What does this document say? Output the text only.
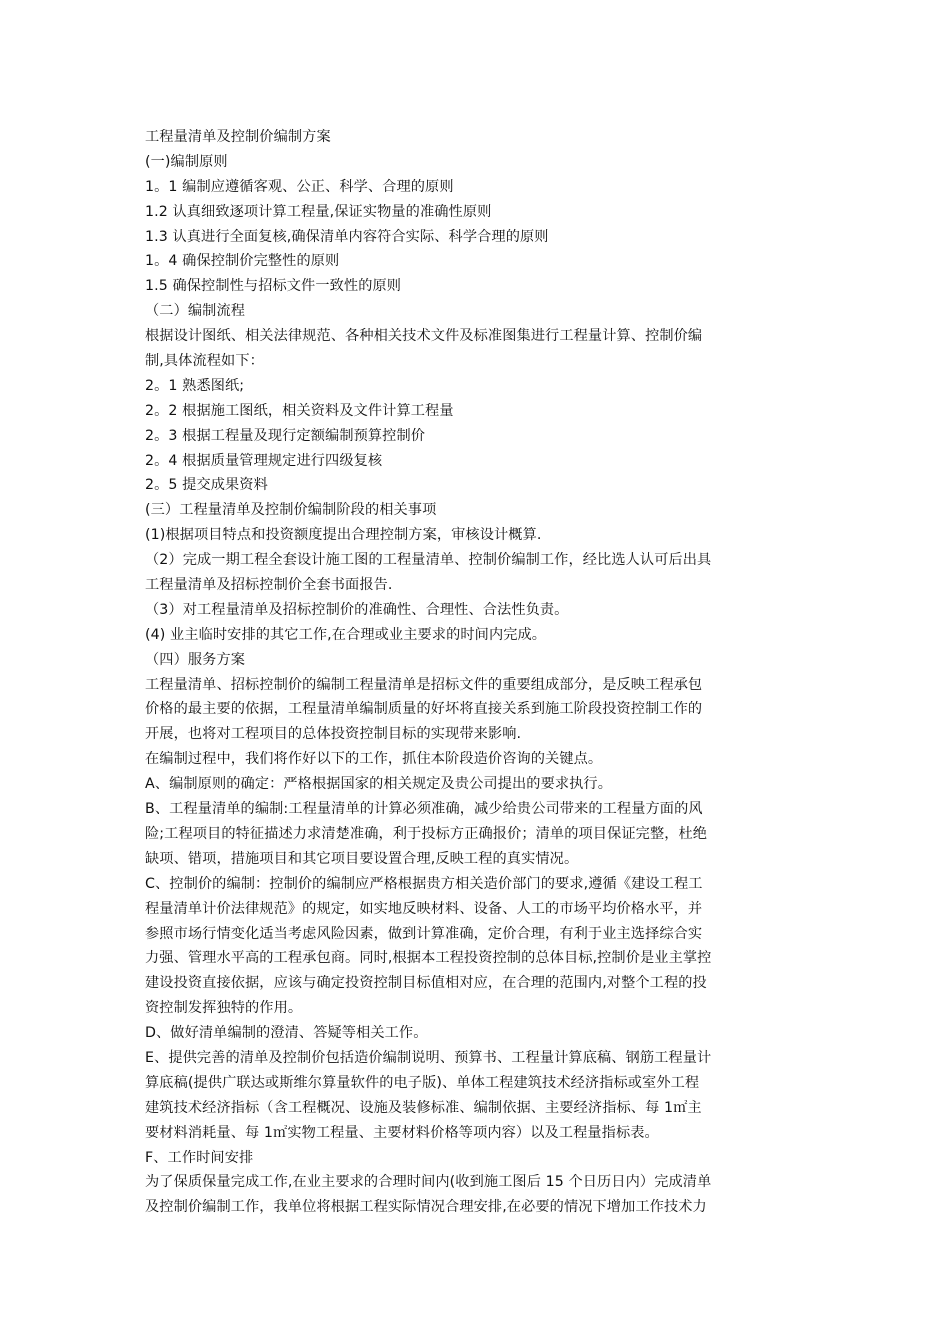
工程量清单及控制价编制方案
(一)编制原则
1。1 编制应遵循客观、公正、科学、合理的原则
1.2 认真细致逐项计算工程量,保证实物量的准确性原则
1.3 认真进行全面复核,确保清单内容符合实际、科学合理的原则
1。4 确保控制价完整性的原则
1.5 确保控制性与招标文件一致性的原则
（二）编制流程
根据设计图纸、相关法律规范、各种相关技术文件及标准图集进行工程量计算、控制价编
制,具体流程如下：
2。1 熟悉图纸;
2。2 根据施工图纸，相关资料及文件计算工程量
2。3 根据工程量及现行定额编制预算控制价
2。4 根据质量管理规定进行四级复核
2。5 提交成果资料
(三）工程量清单及控制价编制阶段的相关事项
(1)根据项目特点和投资额度提出合理控制方案，审核设计概算.
（2）完成一期工程全套设计施工图的工程量清单、控制价编制工作，经比选人认可后出具
工程量清单及招标控制价全套书面报告.
（3）对工程量清单及招标控制价的准确性、合理性、合法性负责。
(4) 业主临时安排的其它工作,在合理或业主要求的时间内完成。
（四）服务方案
工程量清单、招标控制价的编制工程量清单是招标文件的重要组成部分，是反映工程承包
价格的最主要的依据，工程量清单编制质量的好坏将直接关系到施工阶段投资控制工作的
开展，也将对工程项目的总体投资控制目标的实现带来影响.
在编制过程中，我们将作好以下的工作，抓住本阶段造价咨询的关键点。
A、编制原则的确定：严格根据国家的相关规定及贵公司提出的要求执行。
B、工程量清单的编制:工程量清单的计算必须准确，减少给贵公司带来的工程量方面的风
险;工程项目的特征描述力求清楚准确，利于投标方正确报价；清单的项目保证完整，杜绝
缺项、错项，措施项目和其它项目要设置合理,反映工程的真实情况。
C、控制价的编制：控制价的编制应严格根据贵方相关造价部门的要求,遵循《建设工程工
程量清单计价法律规范》的规定，如实地反映材料、设备、人工的市场平均价格水平，并
参照市场行情变化适当考虑风险因素，做到计算准确，定价合理，有利于业主选择综合实
力强、管理水平高的工程承包商。同时,根据本工程投资控制的总体目标,控制价是业主掌控
建设投资直接依据，应该与确定投资控制目标值相对应，在合理的范围内,对整个工程的投
资控制发挥独特的作用。
D、做好清单编制的澄清、答疑等相关工作。
E、提供完善的清单及控制价包括造价编制说明、预算书、工程量计算底稿、钢筋工程量计
算底稿(提供广联达或斯维尔算量软件的电子版)、单体工程建筑技术经济指标或室外工程
建筑技术经济指标（含工程概况、设施及装修标准、编制依据、主要经济指标、每 1㎡主
要材料消耗量、每 1㎡实物工程量、主要材料价格等项内容）以及工程量指标表。
F、工作时间安排
为了保质保量完成工作,在业主要求的合理时间内(收到施工图后 15 个日历日内）完成清单
及控制价编制工作，我单位将根据工程实际情况合理安排,在必要的情况下增加工作技术力
